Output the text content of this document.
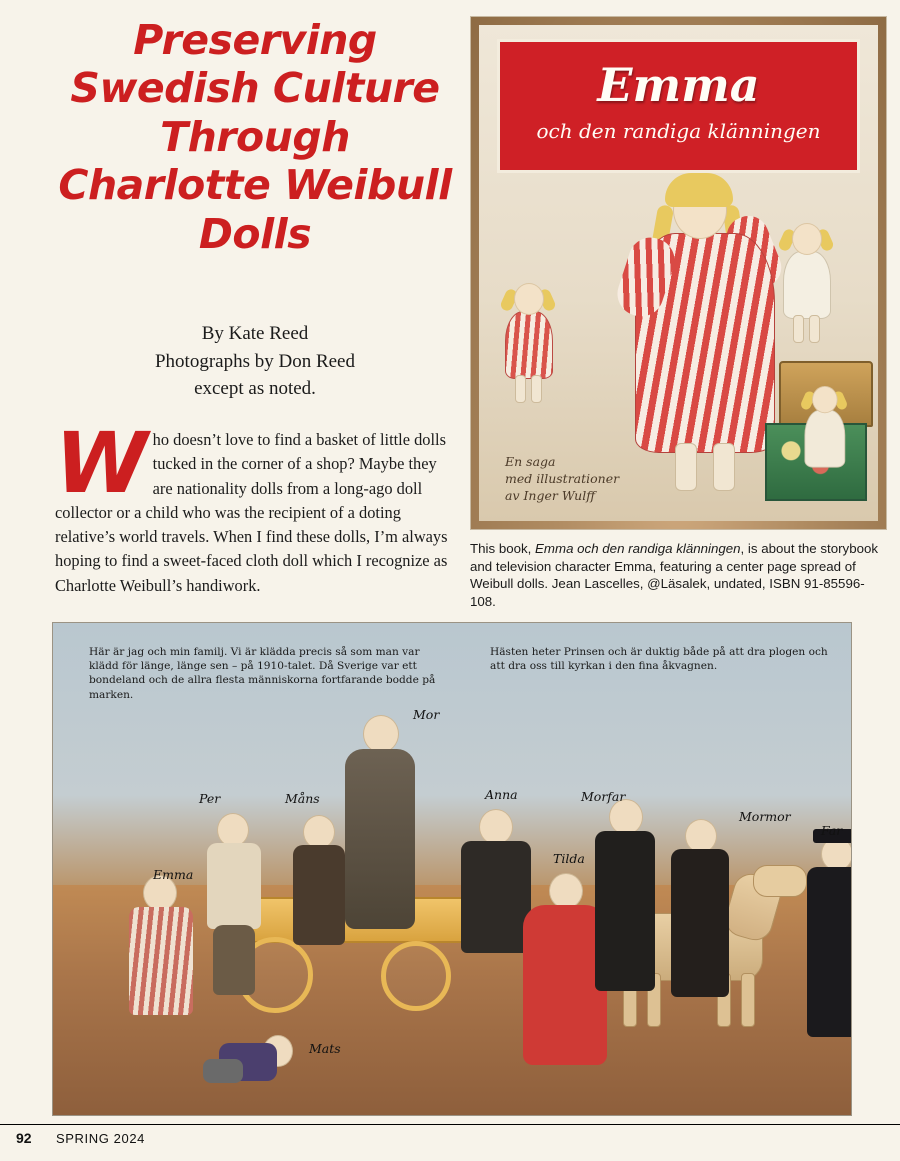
Preserving
Swedish Culture
Through
Charlotte Weibull
Dolls
By Kate Reed
Photographs by Don Reed
except as noted.
W ho doesn’t love to find a basket of little dolls tucked in the corner of a shop? Maybe they are nationality dolls from a long-ago doll collector or a child who was the recipient of a doting relative’s world travels. When I find these dolls, I’m always hoping to find a sweet-faced cloth doll which I recognize as Charlotte Weibull’s handiwork.
Emma
och den randiga klänningen
En saga
med illustrationer
av Inger Wulff
This book, Emma och den randiga klänningen, is about the storybook and television character Emma, featuring a center page spread of Weibull dolls. Jean Lascelles, @Läsalek, undated, ISBN 91-85596-108.
Här är jag och min familj. Vi är klädda precis så som man var klädd för länge, länge sen – på 1910-talet. Då Sverige var ett bondeland och de allra flesta människorna fortfarande bodde på marken.
Hästen heter Prinsen och är duktig både på att dra plogen och att dra oss till kyrkan i den fina åkvagnen.
Mor
Per	Måns	Anna	Morfar
Mormor
Far
Tilda
Emma
Mats
92 SPRING 2024
